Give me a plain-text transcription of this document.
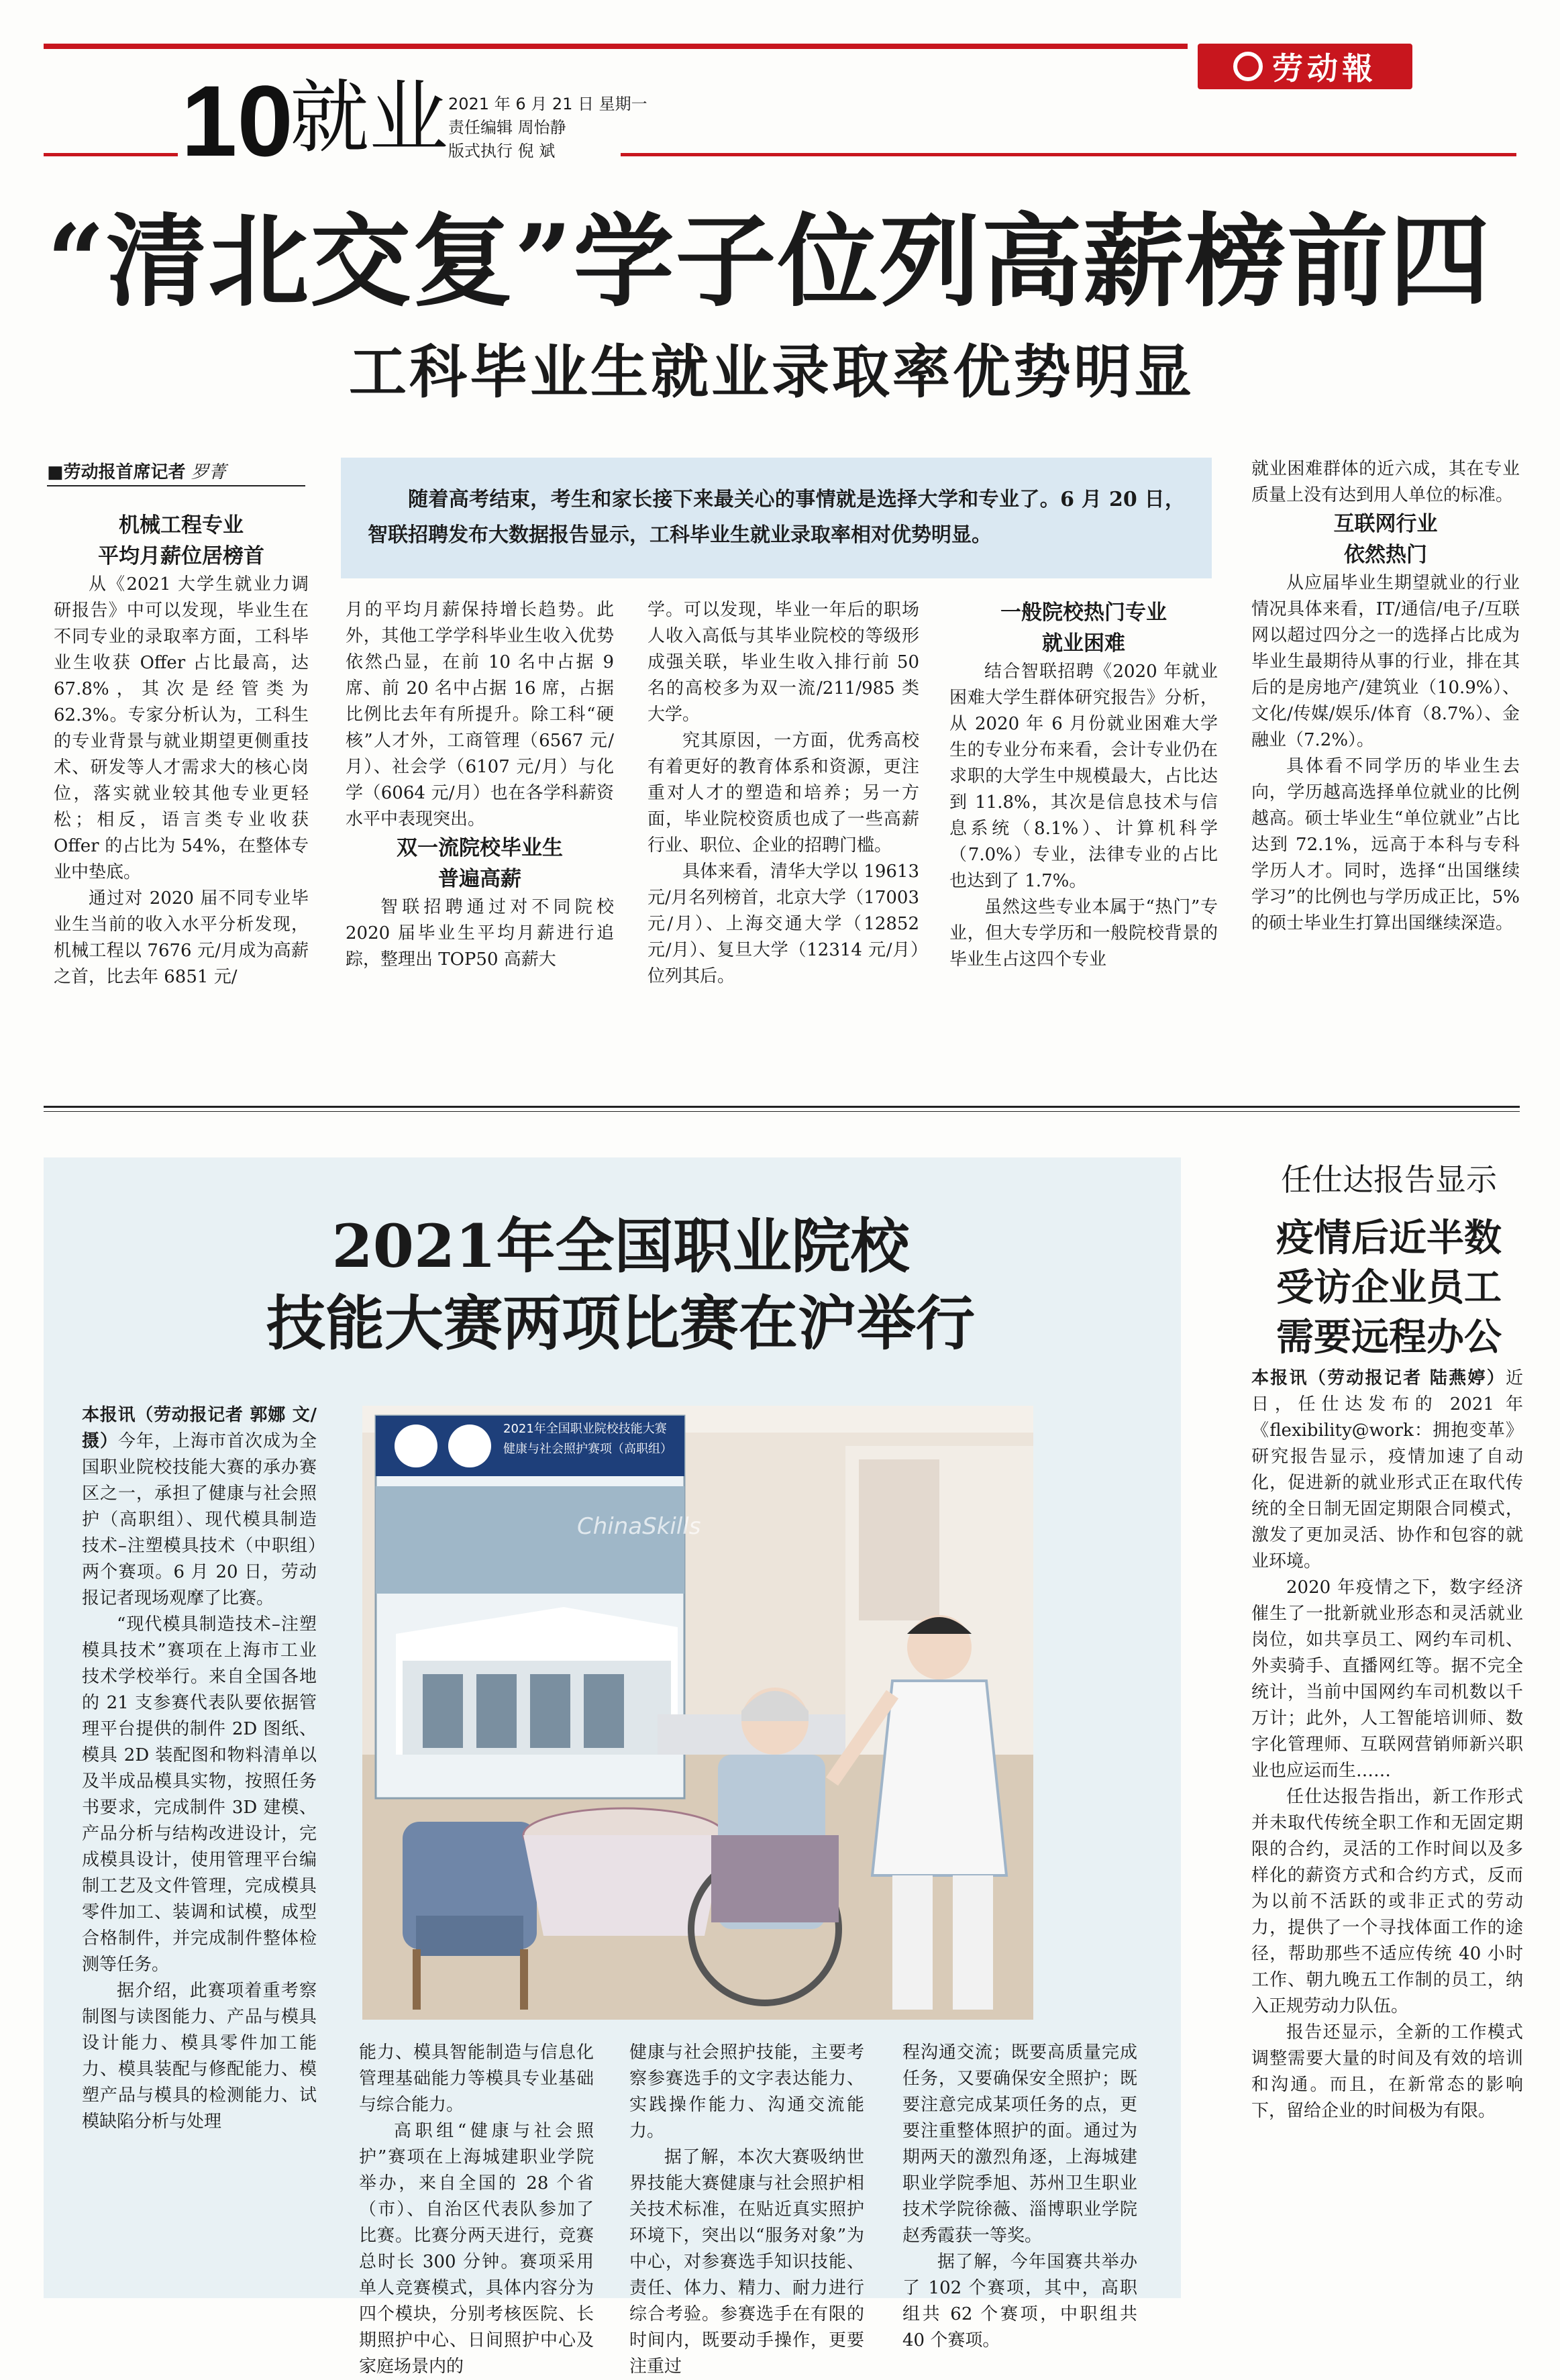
10
就业 2021 年 6 月 21 日 星期一
责任编辑 周怡静
版式执行 倪 斌
劳动報
“清北交复”学子位列高薪榜前四
工科毕业生就业录取率优势明显
■劳动报首席记者 罗菁
随着高考结束，考生和家长接下来最关心的事情就是选择大学和专业了。6 月 20 日，智联招聘发布大数据报告显示，工科毕业生就业录取率相对优势明显。

机械工程专业
平均月薪位居榜首

从《2021 大学生就业力调研报告》中可以发现，毕业生在不同专业的录取率方面，工科毕业生收获 Offer 占比最高，达 67.8%，其次是经管类为 62.3%。专家分析认为，工科生的专业背景与就业期望更侧重技术、研发等人才需求大的核心岗位，落实就业较其他专业更轻松；相反，语言类专业收获 Offer 的占比为 54%，在整体专业中垫底。

通过对 2020 届不同专业毕业生当前的收入水平分析发现，机械工程以 7676 元/月成为高薪之首，比去年 6851 元/

月的平均月薪保持增长趋势。此外，其他工学学科毕业生收入优势依然凸显，在前 10 名中占据 9 席、前 20 名中占据 16 席，占据比例比去年有所提升。除工科“硬核”人才外，工商管理（6567 元/月）、社会学（6107 元/月）与化学（6064 元/月）也在各学科薪资水平中表现突出。

双一流院校毕业生
普遍高薪

智联招聘通过对不同院校 2020 届毕业生平均月薪进行追踪，整理出 TOP50 高薪大

学。可以发现，毕业一年后的职场人收入高低与其毕业院校的等级形成强关联，毕业生收入排行前 50 名的高校多为双一流/211/985 类大学。

究其原因，一方面，优秀高校有着更好的教育体系和资源，更注重对人才的塑造和培养；另一方面，毕业院校资质也成了一些高薪行业、职位、企业的招聘门槛。

具体来看，清华大学以 19613 元/月名列榜首，北京大学（17003 元/月）、上海交通大学（12852 元/月）、复旦大学（12314 元/月）位列其后。

一般院校热门专业
就业困难

结合智联招聘《2020 年就业困难大学生群体研究报告》分析，从 2020 年 6 月份就业困难大学生的专业分布来看，会计专业仍在求职的大学生中规模最大，占比达到 11.8%，其次是信息技术与信息系统（8.1%）、计算机科学（7.0%）专业，法律专业的占比也达到了 1.7%。

虽然这些专业本属于“热门”专业，但大专学历和一般院校背景的毕业生占这四个专业

就业困难群体的近六成，其在专业质量上没有达到用人单位的标准。

互联网行业
依然热门

从应届毕业生期望就业的行业情况具体来看，IT/通信/电子/互联网以超过四分之一的选择占比成为毕业生最期待从事的行业，排在其后的是房地产/建筑业（10.9%）、文化/传媒/娱乐/体育（8.7%）、金融业（7.2%）。

具体看不同学历的毕业生去向，学历越高选择单位就业的比例越高。硕士毕业生“单位就业”占比达到 72.1%，远高于本科与专科学历人才。同时，选择“出国继续学习”的比例也与学历成正比，5% 的硕士毕业生打算出国继续深造。

2021年全国职业院校
技能大赛两项比赛在沪举行
2021年全国职业院校技能大赛
健康与社会照护赛项（高职组）
ChinaSkills

本报讯（劳动报记者 郭娜 文/摄）今年，上海市首次成为全国职业院校技能大赛的承办赛区之一，承担了健康与社会照护（高职组）、现代模具制造技术–注塑模具技术（中职组）两个赛项。6 月 20 日，劳动报记者现场观摩了比赛。

“现代模具制造技术–注塑模具技术”赛项在上海市工业技术学校举行。来自全国各地的 21 支参赛代表队要依据管理平台提供的制件 2D 图纸、模具 2D 装配图和物料清单以及半成品模具实物，按照任务书要求，完成制件 3D 建模、产品分析与结构改进设计，完成模具设计，使用管理平台编制工艺及文件管理，完成模具零件加工、装调和试模，成型合格制件，并完成制件整体检测等任务。

据介绍，此赛项着重考察制图与读图能力、产品与模具设计能力、模具零件加工能力、模具装配与修配能力、模塑产品与模具的检测能力、试模缺陷分析与处理

能力、模具智能制造与信息化管理基础能力等模具专业基础与综合能力。

高职组“健康与社会照护”赛项在上海城建职业学院举办，来自全国的 28 个省（市）、自治区代表队参加了比赛。比赛分两天进行，竞赛总时长 300 分钟。赛项采用单人竞赛模式，具体内容分为四个模块，分别考核医院、长期照护中心、日间照护中心及家庭场景内的

健康与社会照护技能，主要考察参赛选手的文字表达能力、实践操作能力、沟通交流能力。

据了解，本次大赛吸纳世界技能大赛健康与社会照护相关技术标准，在贴近真实照护环境下，突出以“服务对象”为中心，对参赛选手知识技能、责任、体力、精力、耐力进行综合考验。参赛选手在有限的时间内，既要动手操作，更要注重过

程沟通交流；既要高质量完成任务，又要确保安全照护；既要注意完成某项任务的点，更要注重整体照护的面。通过为期两天的激烈角逐，上海城建职业学院季旭、苏州卫生职业技术学院徐薇、淄博职业学院赵秀霞获一等奖。

据了解，今年国赛共举办了 102 个赛项，其中，高职组共 62 个赛项，中职组共 40 个赛项。

任仕达报告显示
疫情后近半数
受访企业员工
需要远程办公

本报讯（劳动报记者 陆燕婷）近日，任仕达发布的 2021 年《flexibility@work：拥抱变革》研究报告显示，疫情加速了自动化，促进新的就业形式正在取代传统的全日制无固定期限合同模式，激发了更加灵活、协作和包容的就业环境。

2020 年疫情之下，数字经济催生了一批新就业形态和灵活就业岗位，如共享员工、网约车司机、外卖骑手、直播网红等。据不完全统计，当前中国网约车司机数以千万计；此外，人工智能培训师、数字化管理师、互联网营销师新兴职业也应运而生……

任仕达报告指出，新工作形式并未取代传统全职工作和无固定期限的合约，灵活的工作时间以及多样化的薪资方式和合约方式，反而为以前不活跃的或非正式的劳动力，提供了一个寻找体面工作的途径，帮助那些不适应传统 40 小时工作、朝九晚五工作制的员工，纳入正规劳动力队伍。

报告还显示，全新的工作模式调整需要大量的时间及有效的培训和沟通。而且，在新常态的影响下，留给企业的时间极为有限。
